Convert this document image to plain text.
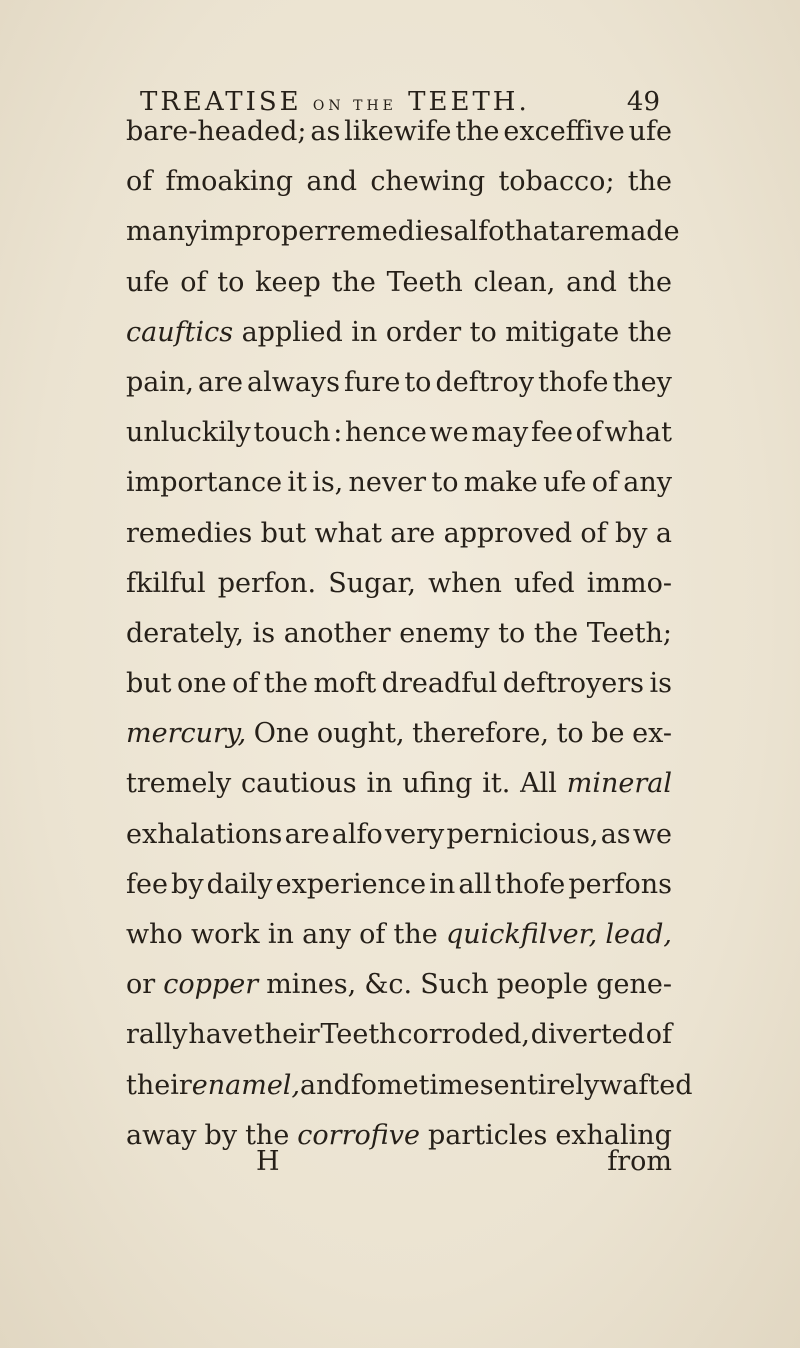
TREATISE ON THE TEETH.	49
bare-headed; as likewife the exceffive ufe
of fmoaking and chewing tobacco; the
many improper remedies alfo that are made
ufe of to keep the Teeth clean, and the
cauftics applied in order to mitigate the
pain, are always fure to deftroy thofe they
unluckily touch : hence we may fee of what
importance it is, never to make ufe of any
remedies but what are approved of by a
fkilful perfon. Sugar, when ufed immo-
derately, is another enemy to the Teeth;
but one of the moft dreadful deftroyers is
mercury, One ought, therefore, to be ex-
tremely cautious in ufing it. All mineral
exhalations are alfo very pernicious, as we
fee by daily experience in all thofe perfons
who work in any of the quickfilver, lead,
or copper mines, &c. Such people gene-
rally have their Teeth corroded, diverted of
their enamel, and fometimes entirely wafted
away by the corrofive particles exhaling
H	from
